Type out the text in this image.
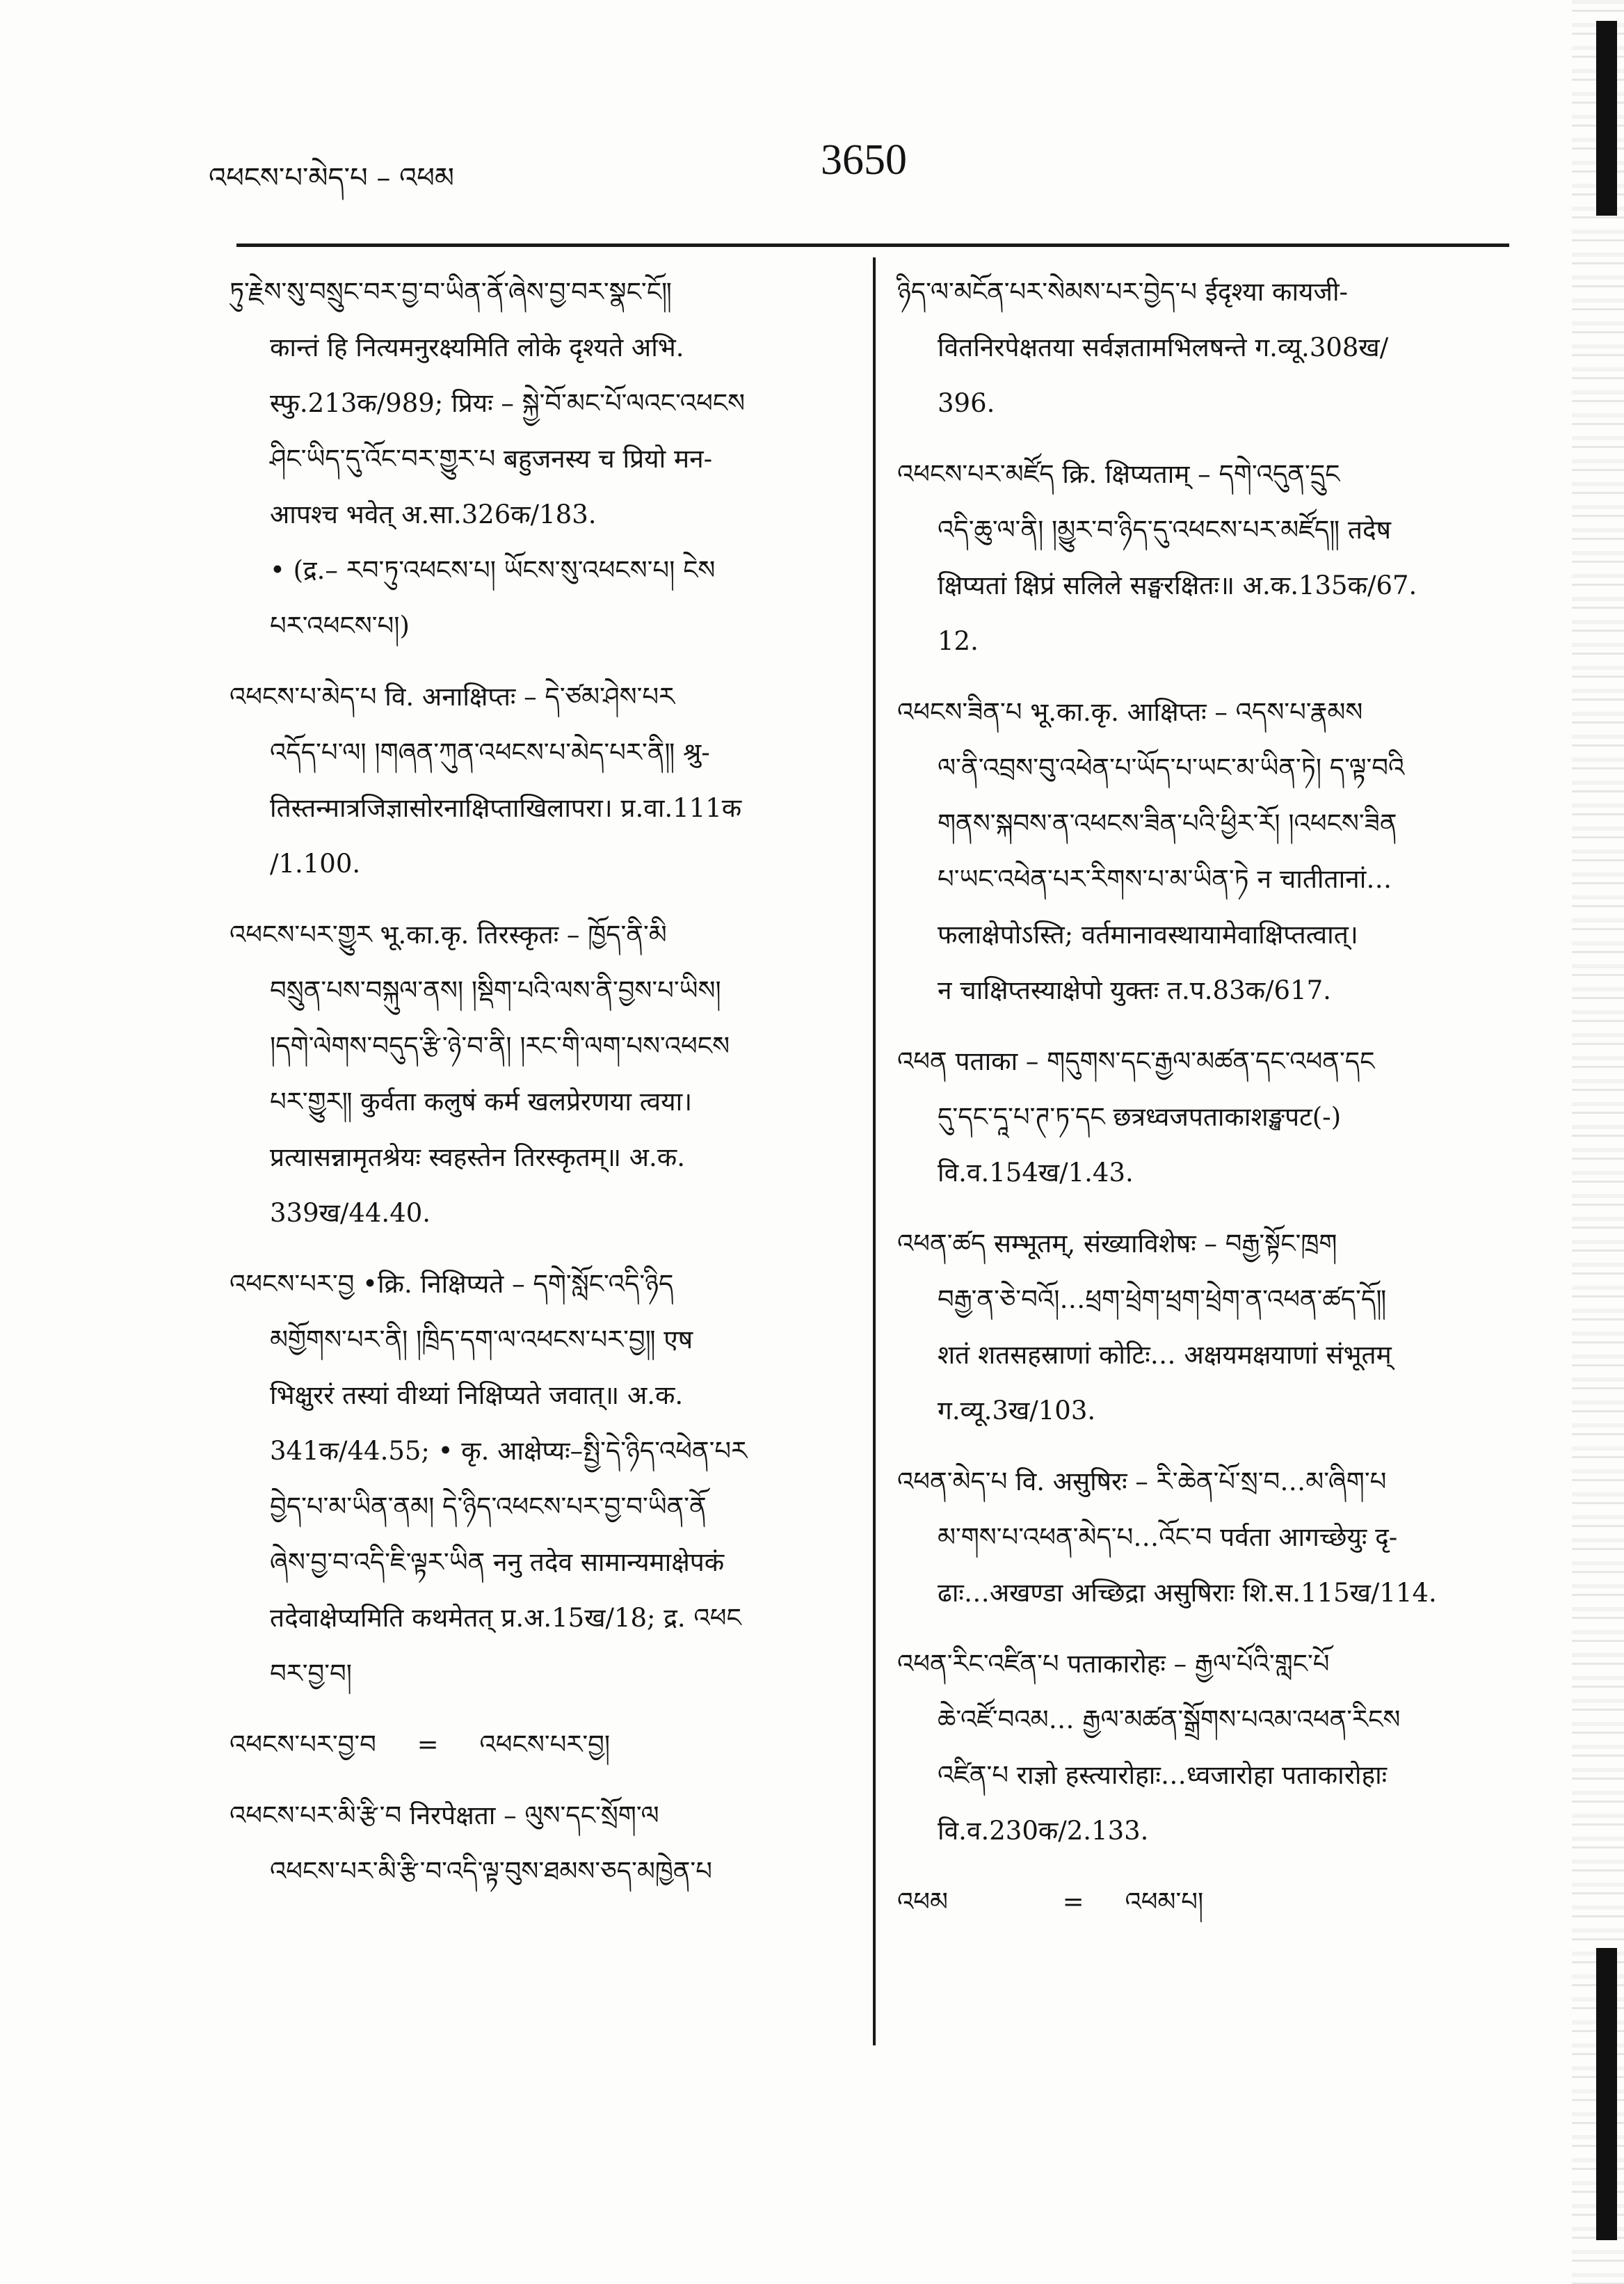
འཕངས་པ་མེད་པ – འཕམ	3650

ཏུ་རྗེས་སུ་བསྲུང་བར་བྱ་བ་ཡིན་ནོ་ཞེས་བྱ་བར་སྣང་ངོ༎

कान्तं हि नित्यमनुरक्ष्यमिति लोके दृश्यते अभि.

स्फु.213क/989; प्रियः – སྐྱེ་བོ་མང་པོ་ལའང་འཕངས

ཤིང་ཡིད་དུ་འོང་བར་གྱུར་པ बहुजनस्य च प्रियो मन-

आपश्च भवेत् अ.सा.326क/183.

• (द्र.– རབ་ཏུ་འཕངས་པ། ཡོངས་སུ་འཕངས་པ། ངེས

པར་འཕངས་པ།)

འཕངས་པ་མེད་པ वि. अनाक्षिप्तः – དེ་ཙམ་ཤེས་པར

འདོད་པ་ལ། །གཞན་ཀུན་འཕངས་པ་མེད་པར་ནི༎ श्रु-

तिस्तन्मात्रजिज्ञासोरनाक्षिप्ताखिलापरा। प्र.वा.111क

/1.100.

འཕངས་པར་གྱུར भू.का.कृ. तिरस्कृतः – ཁྱོད་ནི་མི

བསྲུན་པས་བསྐུལ་ནས། །སྡིག་པའི་ལས་ནི་བྱས་པ་ཡིས།

།དགེ་ལེགས་བདུད་རྩི་ཉེ་བ་ནི། །རང་གི་ལག་པས་འཕངས

པར་གྱུར༎ कुर्वता कलुषं कर्म खलप्रेरणया त्वया।

प्रत्यासन्नामृतश्रेयः स्वहस्तेन तिरस्कृतम्॥ अ.क.

339ख/44.40.

འཕངས་པར་བྱ •क्रि. निक्षिप्यते – དགེ་སློང་འདི་ཉིད

མགྱོགས་པར་ནི། །ཁྲིད་དག་ལ་འཕངས་པར་བྱ༎ एष

भिक्षुररं तस्यां वीथ्यां निक्षिप्यते जवात्॥ अ.क.

341क/44.55; • कृ. आक्षेप्यः–སྤྱི་དེ་ཉིད་འཕེན་པར

བྱེད་པ་མ་ཡིན་ནམ། དེ་ཉིད་འཕངས་པར་བྱ་བ་ཡིན་ནོ

ཞེས་བྱ་བ་འདི་ཇི་ལྟར་ཡིན ननु तदेव सामान्यमाक्षेपकं

तदेवाक्षेप्यमिति कथमेतत् प्र.अ.15ख/18; द्र. འཕང

བར་བྱ་བ།

འཕངས་པར་བྱ་བ     =     འཕངས་པར་བྱ།

འཕངས་པར་མི་རྩི་བ निरपेक्षता – ལུས་དང་སྲོག་ལ

འཕངས་པར་མི་རྩི་བ་འདི་ལྟ་བུས་ཐམས་ཅད་མཁྱེན་པ

ཉིད་ལ་མངོན་པར་སེམས་པར་བྱེད་པ ईदृश्या कायजी-

वितनिरपेक्षतया सर्वज्ञतामभिलषन्ते ग.व्यू.308ख/

396.

འཕངས་པར་མཛོད क्रि. क्षिप्यताम् – དགེ་འདུན་དྲུང

འདི་ཆུ་ལ་ནི། །མྱུར་བ་ཉིད་དུ་འཕངས་པར་མཛོད༎ तदेष

क्षिप्यतां क्षिप्रं सलिले सङ्घरक्षितः॥ अ.क.135क/67.

12.

འཕངས་ཟིན་པ भू.का.कृ. आक्षिप्तः – འདས་པ་རྣམས

ལ་ནི་འབྲས་བུ་འཕེན་པ་ཡོད་པ་ཡང་མ་ཡིན་ཏེ། ད་ལྟ་བའི

གནས་སྐབས་ན་འཕངས་ཟིན་པའི་ཕྱིར་རོ། །འཕངས་ཟིན

པ་ཡང་འཕེན་པར་རིགས་པ་མ་ཡིན་ཏེ न चातीतानां…

फलाक्षेपोऽस्ति; वर्तमानावस्थायामेवाक्षिप्तत्वात्।

न चाक्षिप्तस्याक्षेपो युक्तः त.प.83क/617.

འཕན पताका – གདུགས་དང་རྒྱལ་མཚན་དང་འཕན་དང

དུ་དང་དཱ་པ་ཊ་ཏ་དང छत्रध्वजपताकाशङ्खपट(-)

वि.व.154ख/1.43.

འཕན་ཚད सम्भूतम्, संख्याविशेषः – བརྒྱ་སྟོང་ཁྲག

བརྒྱ་ན་ཅེ་བའོ།…ཕྲག་ཕྲེག་ཕྲག་ཕྲེག་ན་འཕན་ཚད་དོ༎

शतं शतसहस्राणां कोटिः… अक्षयमक्षयाणां संभूतम्

ग.व्यू.3ख/103.

འཕན་མེད་པ वि. असुषिरः – རི་ཆེན་པོ་སྲ་བ…མ་ཞིག་པ

མ་གས་པ་འཕན་མེད་པ…འོང་བ पर्वता आगच्छेयुः दृ-

ढाः…अखण्डा अच्छिद्रा असुषिराः शि.स.115ख/114.

འཕན་རིང་འཛིན་པ पताकारोहः – རྒྱལ་པོའི་གླང་པོ

ཆེ་འཛོ་བའམ… རྒྱལ་མཚན་སྒྲོགས་པའམ་འཕན་རིངས

འཛིན་པ राज्ञो हस्त्यारोहाः…ध्वजारोहा पताकारोहाः

वि.व.230क/2.133.

འཕམ              =     འཕམ་པ།
